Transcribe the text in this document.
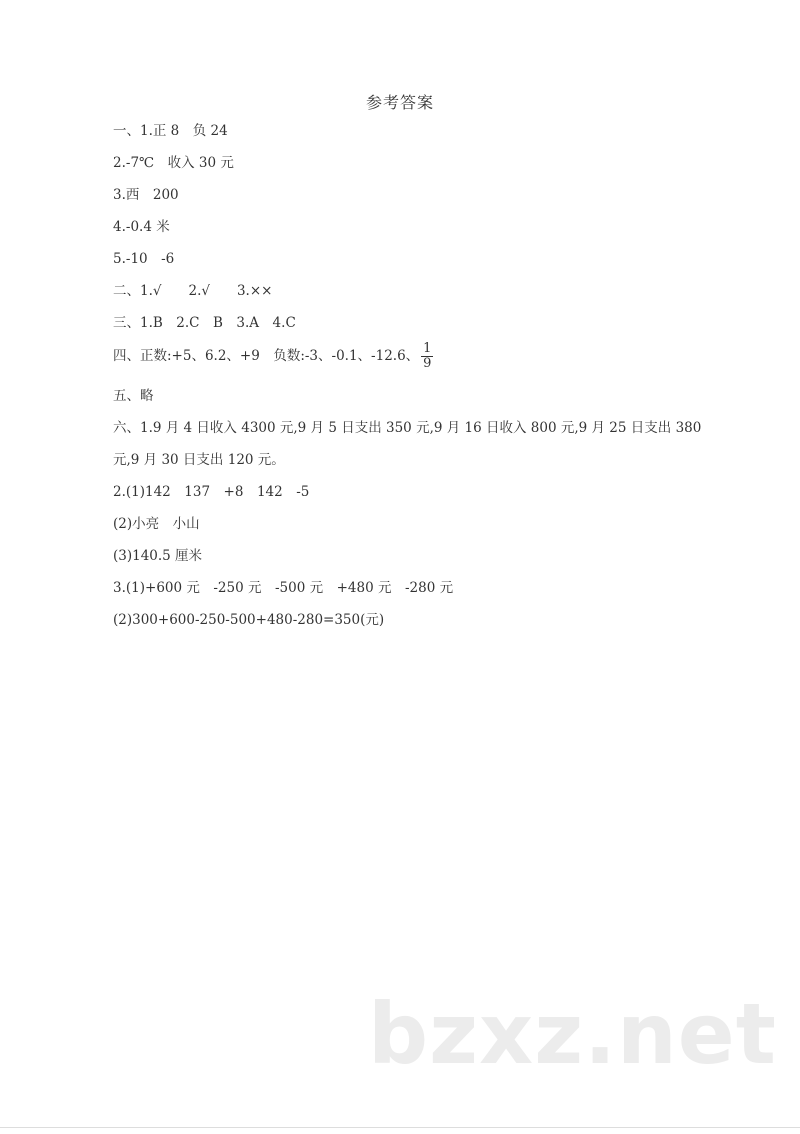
参考答案
一、1.正 8　负 24
2.-7℃　收入 30 元
3.西　200
4.-0.4 米
5.-10　-6
二、1.√　　2.√　　3.××
三、1.B　2.C　B　3.A　4.C
四、正数:+5、6.2、+9　负数:-3、-0.1、-12.6、 $\frac{1}{9}$
五、略
六、1.9 月 4 日收入 4300 元,9 月 5 日支出 350 元,9 月 16 日收入 800 元,9 月 25 日支出 380
元,9 月 30 日支出 120 元。
2.(1)142　137　+8　142　-5
(2)小亮　小山
(3)140.5 厘米
3.(1)+600 元　-250 元　-500 元　+480 元　-280 元
(2)300+600-250-500+480-280=350(元)
bzxz.net
